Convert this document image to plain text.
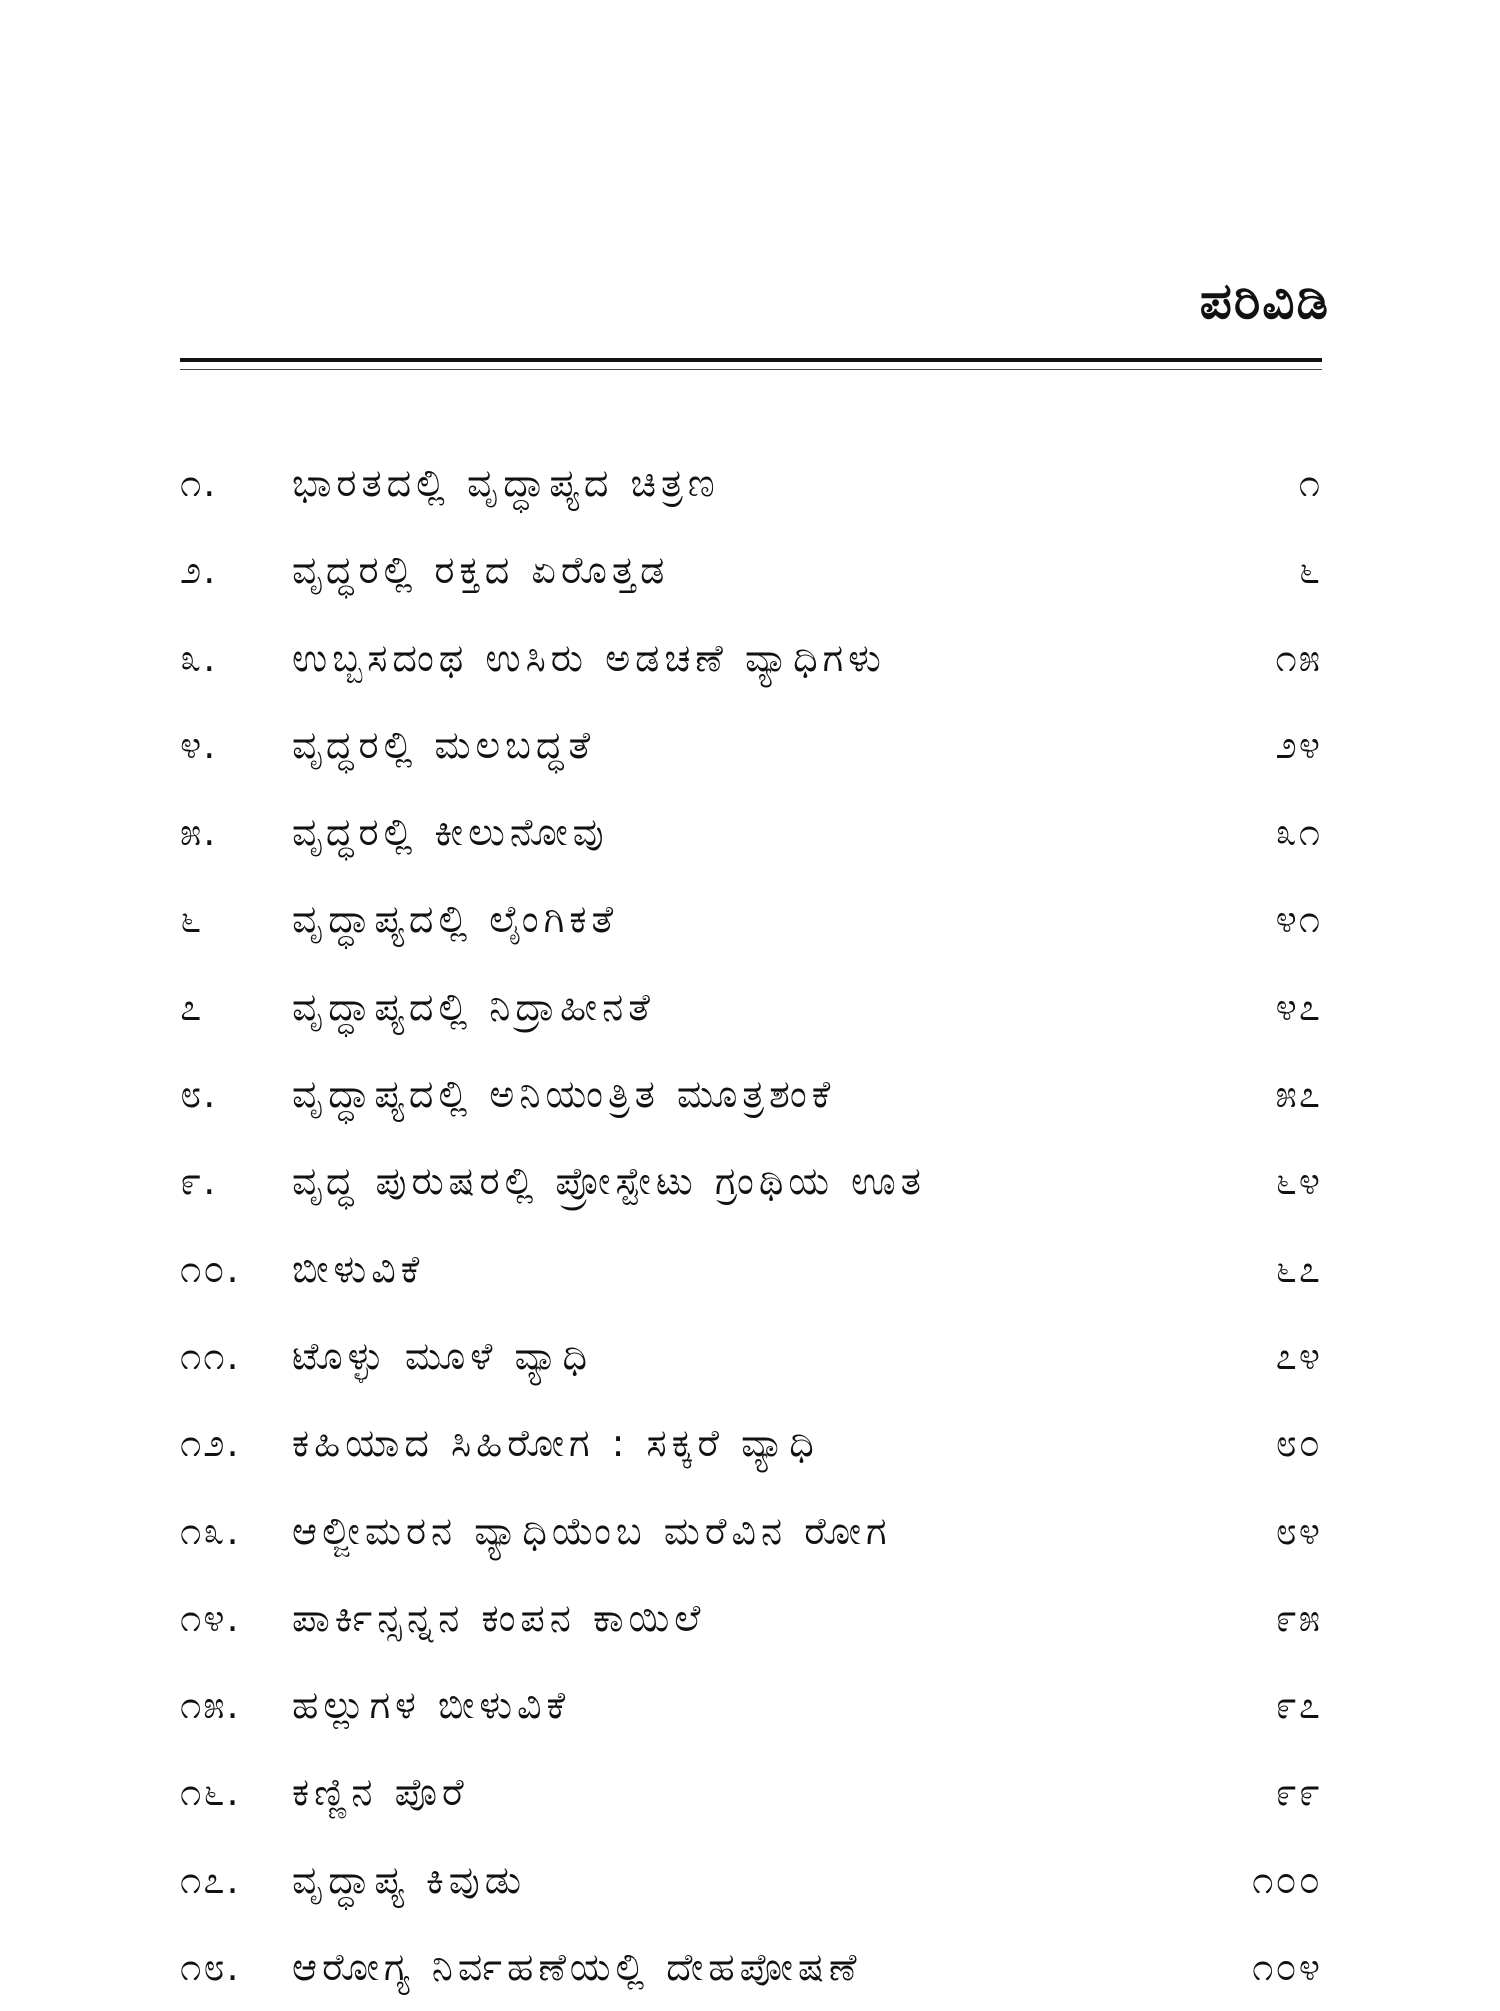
ಪರಿವಿಡಿ
೧. ಭಾರತದಲ್ಲಿ ವೃದ್ಧಾಪ್ಯದ ಚಿತ್ರಣ	೧
೨. ವೃದ್ಧರಲ್ಲಿ ರಕ್ತದ ಏರೊತ್ತಡ	೬
೩. ಉಬ್ಬಸದಂಥ ಉಸಿರು ಅಡಚಣೆ ವ್ಯಾಧಿಗಳು	೧೫
೪. ವೃದ್ಧರಲ್ಲಿ ಮಲಬದ್ಧತೆ	೨೪
೫. ವೃದ್ಧರಲ್ಲಿ ಕೀಲುನೋವು	೩೧
೬ ವೃದ್ಧಾಪ್ಯದಲ್ಲಿ ಲೈಂಗಿಕತೆ	೪೧
೭ ವೃದ್ಧಾಪ್ಯದಲ್ಲಿ ನಿದ್ರಾಹೀನತೆ	೪೭
೮. ವೃದ್ಧಾಪ್ಯದಲ್ಲಿ ಅನಿಯಂತ್ರಿತ ಮೂತ್ರಶಂಕೆ	೫೭
೯. ವೃದ್ಧ ಪುರುಷರಲ್ಲಿ ಪ್ರೋಸ್ಟೇಟು ಗ್ರಂಥಿಯ ಊತ	೬೪
೧೦. ಬೀಳುವಿಕೆ	೬೭
೧೧. ಟೊಳ್ಳು ಮೂಳೆ ವ್ಯಾಧಿ	೭೪
೧೨. ಕಹಿಯಾದ ಸಿಹಿರೋಗ : ಸಕ್ಕರೆ ವ್ಯಾಧಿ	೮೦
೧೩. ಆಲ್ಜೀಮರನ ವ್ಯಾಧಿಯೆಂಬ ಮರೆವಿನ ರೋಗ	೮೪
೧೪. ಪಾರ್ಕಿನ್ಸನ್ನನ ಕಂಪನ ಕಾಯಿಲೆ	೯೫
೧೫. ಹಲ್ಲುಗಳ ಬೀಳುವಿಕೆ	೯೭
೧೬. ಕಣ್ಣಿನ ಪೊರೆ	೯೯
೧೭. ವೃದ್ಧಾಪ್ಯ ಕಿವುಡು	೧೦೦
೧೮. ಆರೋಗ್ಯ ನಿರ್ವಹಣೆಯಲ್ಲಿ ದೇಹಪೋಷಣೆ	೧೦೪
